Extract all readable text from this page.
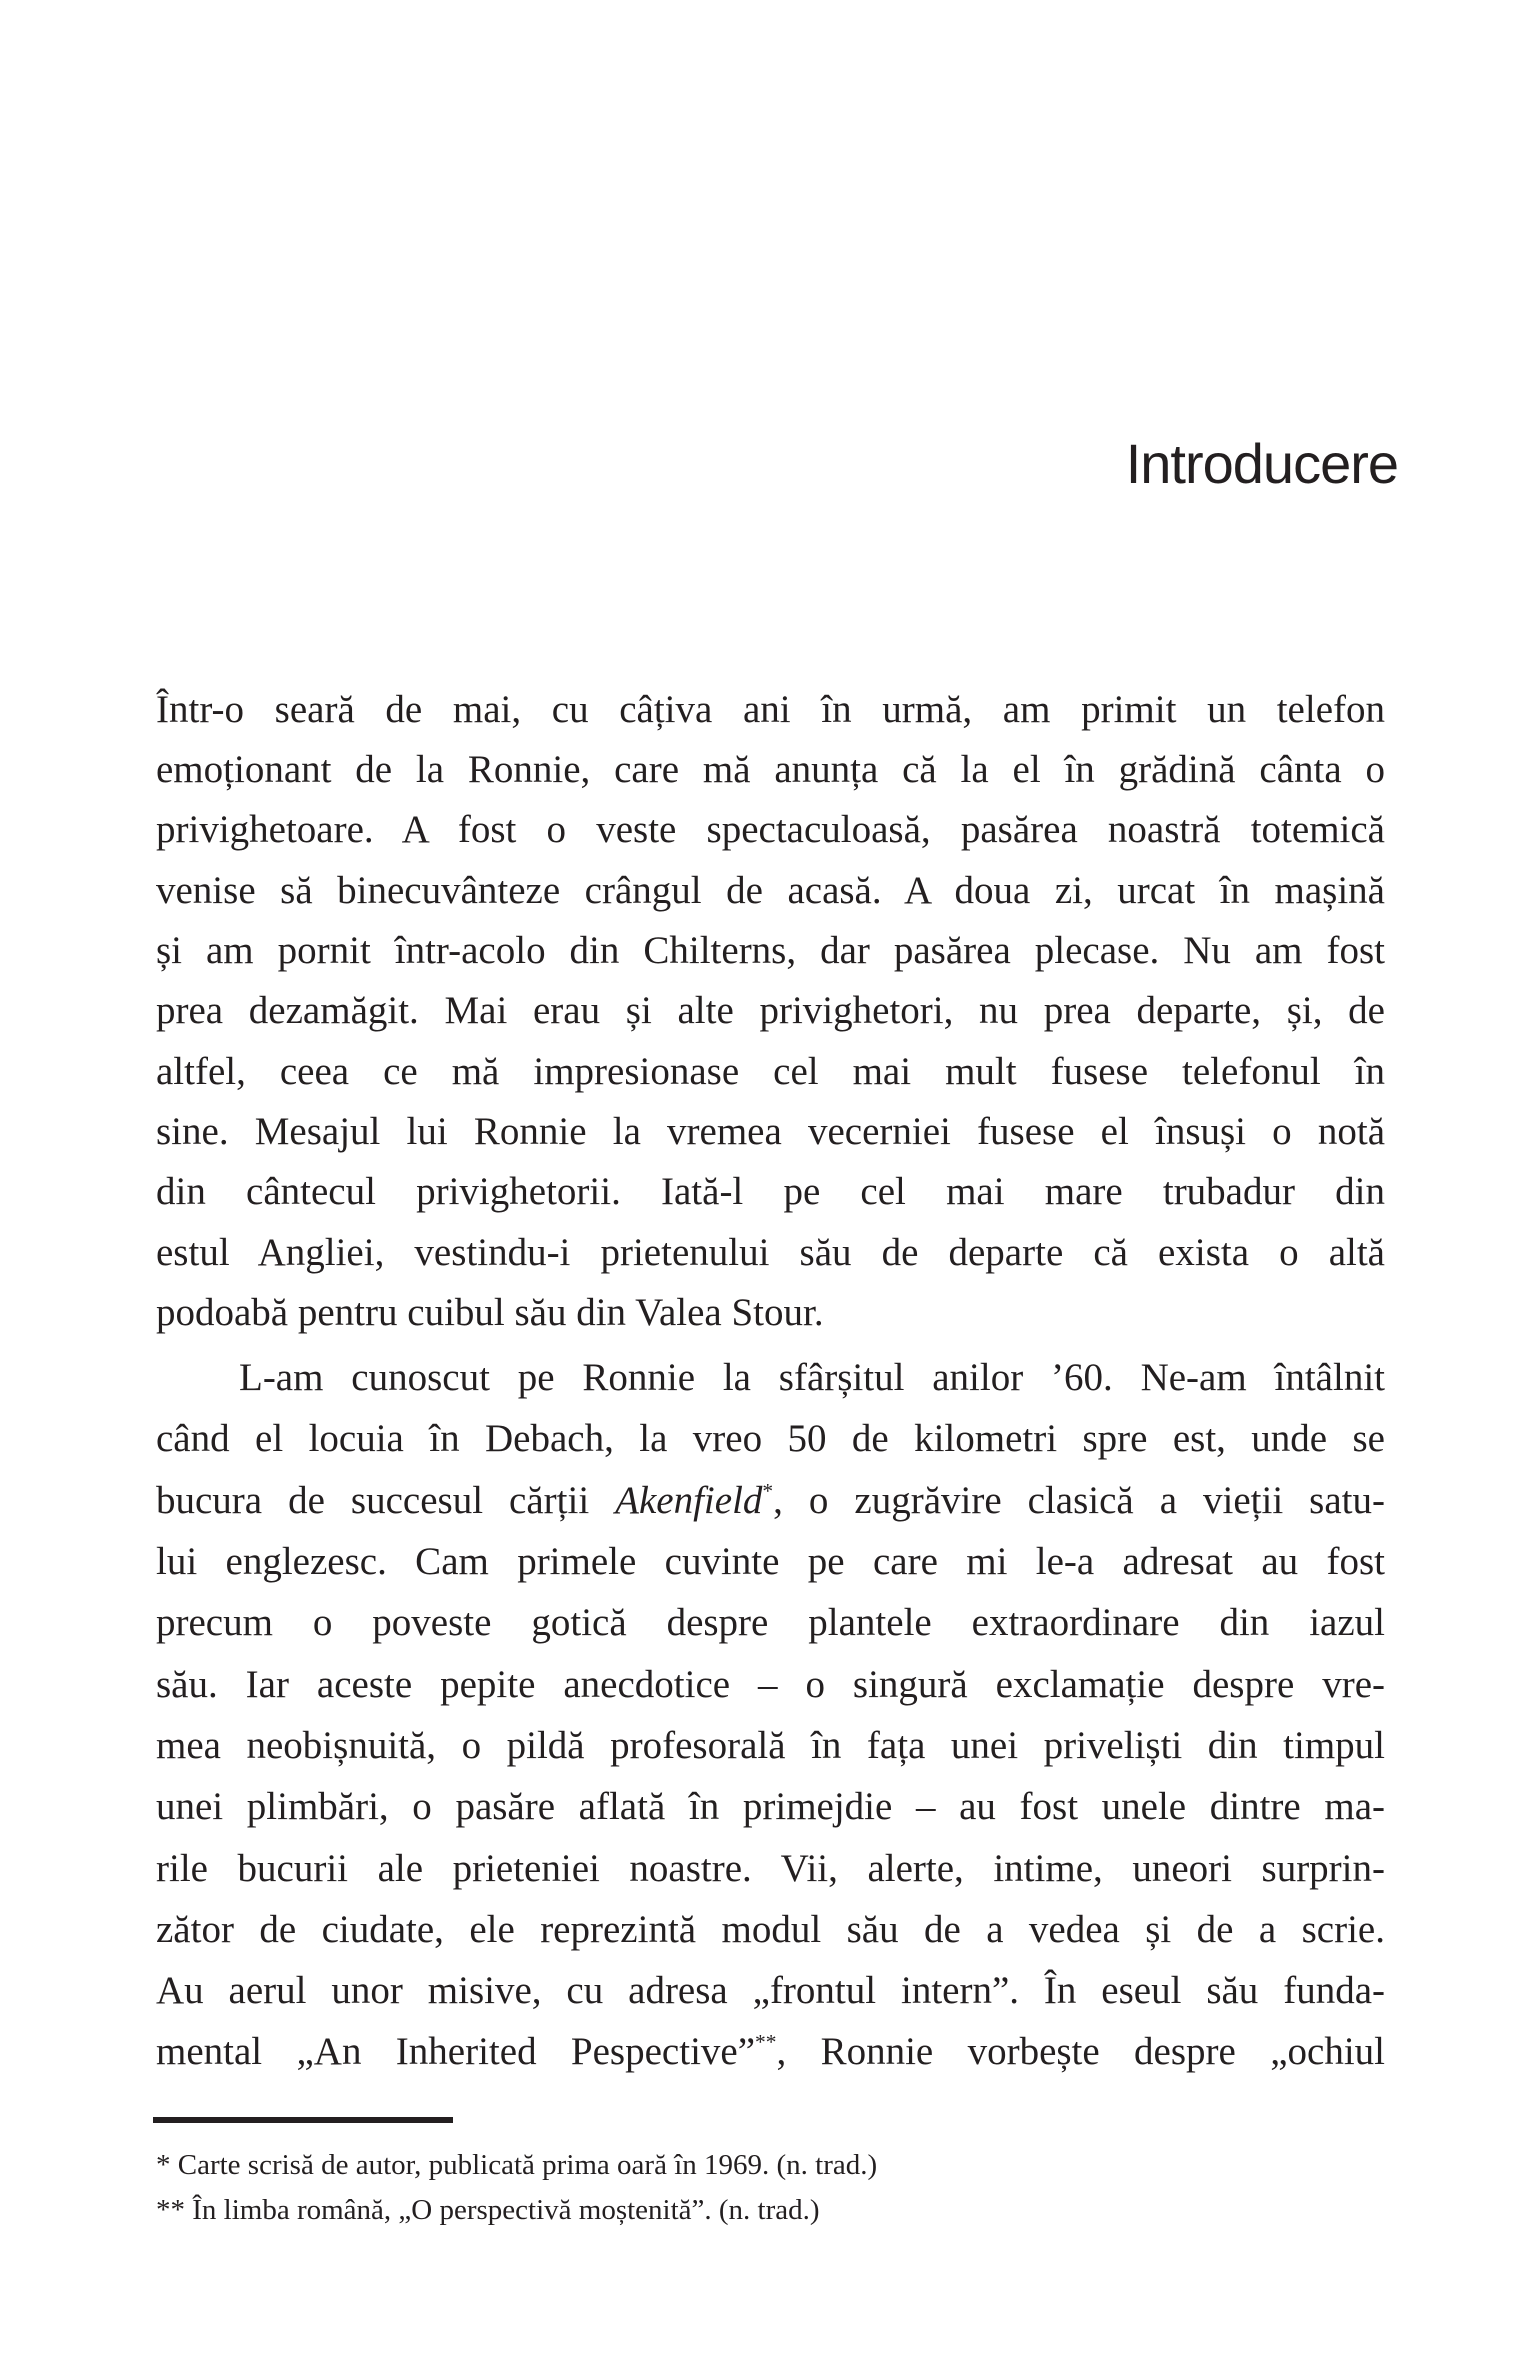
Introducere
Într-o seară de mai, cu câțiva ani în urmă, am primit un telefon
emoționant de la Ronnie, care mă anunța că la el în grădină cânta o
privighetoare. A fost o veste spectaculoasă, pasărea noastră totemică
venise să binecuvânteze crângul de acasă. A doua zi, urcat în mașină
și am pornit într-acolo din Chilterns, dar pasărea plecase. Nu am fost
prea dezamăgit. Mai erau și alte privighetori, nu prea departe, și, de
altfel, ceea ce mă impresionase cel mai mult fusese telefonul în
sine. Mesajul lui Ronnie la vremea vecerniei fusese el însuși o notă
din cântecul privighetorii. Iată-l pe cel mai mare trubadur din
estul Angliei, vestindu-i prietenului său de departe că exista o altă
podoabă pentru cuibul său din Valea Stour.
L-am cunoscut pe Ronnie la sfârșitul anilor ’60. Ne-am întâlnit
când el locuia în Debach, la vreo 50 de kilometri spre est, unde se
bucura de succesul cărții Akenfield*, o zugrăvire clasică a vieții satu-
lui englezesc. Cam primele cuvinte pe care mi le-a adresat au fost
precum o poveste gotică despre plantele extraordinare din iazul
său. Iar aceste pepite anecdotice – o singură exclamație despre vre-
mea neobișnuită, o pildă profesorală în fața unei priveliști din timpul
unei plimbări, o pasăre aflată în primejdie – au fost unele dintre ma-
rile bucurii ale prieteniei noastre. Vii, alerte, intime, uneori surprin-
zător de ciudate, ele reprezintă modul său de a vedea și de a scrie.
Au aerul unor misive, cu adresa „frontul intern”. În eseul său funda-
mental „An Inherited Pespective”**, Ronnie vorbește despre „ochiul
* Carte scrisă de autor, publicată prima oară în 1969. (n. trad.)
** În limba română, „O perspectivă moștenită”. (n. trad.)
